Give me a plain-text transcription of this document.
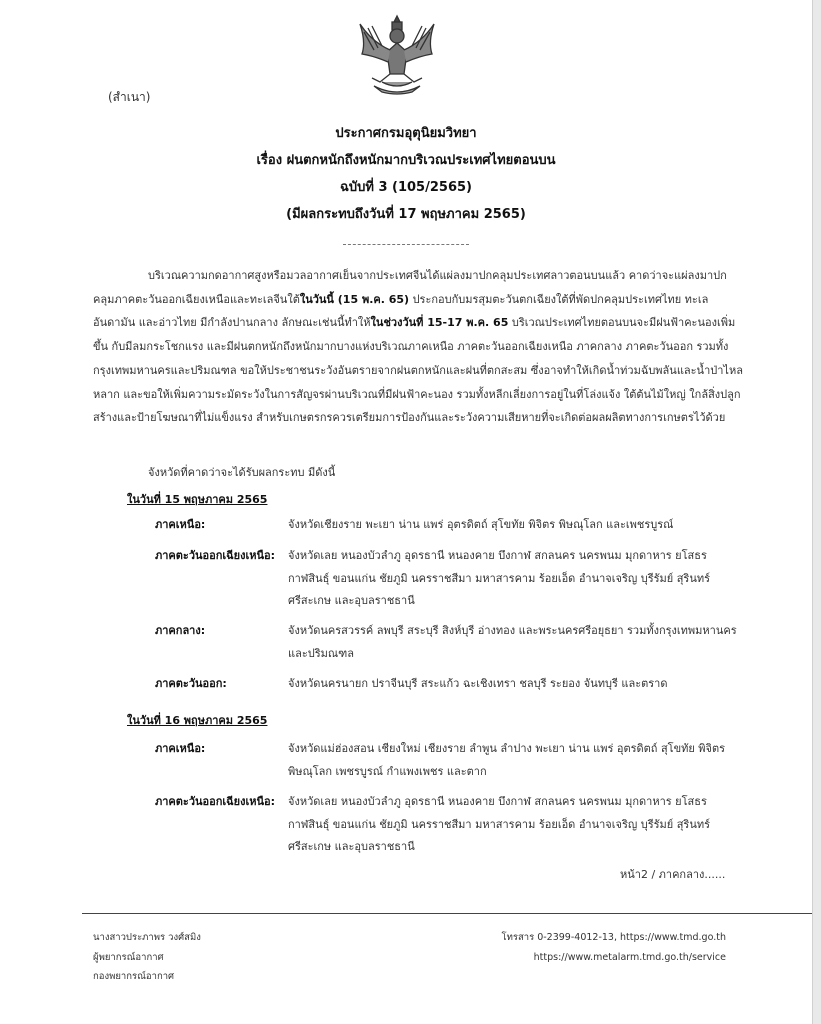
(สำเนา)
ประกาศกรมอุตุนิยมวิทยา
เรื่อง ฝนตกหนักถึงหนักมากบริเวณประเทศไทยตอนบน
ฉบับที่ 3 (105/2565)
(มีผลกระทบถึงวันที่ 17 พฤษภาคม 2565)
บริเวณความกดอากาศสูงหรือมวลอากาศเย็นจากประเทศจีนได้แผ่ลงมาปกคลุมประเทศลาวตอนบนแล้ว คาดว่าจะแผ่ลงมาปกคลุมภาคตะวันออกเฉียงเหนือและทะเลจีนใต้ในวันนี้ (15 พ.ค. 65) ประกอบกับมรสุมตะวันตกเฉียงใต้ที่พัดปกคลุมประเทศไทย ทะเลอันดามัน และอ่าวไทย มีกำลังปานกลาง ลักษณะเช่นนี้ทำให้ในช่วงวันที่ 15-17 พ.ค. 65 บริเวณประเทศไทยตอนบนจะมีฝนฟ้าคะนองเพิ่มขึ้น กับมีลมกระโชกแรง และมีฝนตกหนักถึงหนักมากบางแห่งบริเวณภาคเหนือ ภาคตะวันออกเฉียงเหนือ ภาคกลาง ภาคตะวันออก รวมทั้งกรุงเทพมหานครและปริมณฑล ขอให้ประชาชนระวังอันตรายจากฝนตกหนักและฝนที่ตกสะสม ซึ่งอาจทำให้เกิดน้ำท่วมฉับพลันและน้ำป่าไหลหลาก และขอให้เพิ่มความระมัดระวังในการสัญจรผ่านบริเวณที่มีฝนฟ้าคะนอง รวมทั้งหลีกเลี่ยงการอยู่ในที่โล่งแจ้ง ใต้ต้นไม้ใหญ่ ใกล้สิ่งปลูกสร้างและป้ายโฆษณาที่ไม่แข็งแรง สำหรับเกษตรกรควรเตรียมการป้องกันและระวังความเสียหายที่จะเกิดต่อผลผลิตทางการเกษตรไว้ด้วย
จังหวัดที่คาดว่าจะได้รับผลกระทบ มีดังนี้
ในวันที่ 15 พฤษภาคม 2565
ภาคเหนือ:	จังหวัดเชียงราย พะเยา น่าน แพร่ อุตรดิตถ์ สุโขทัย พิจิตร พิษณุโลก และเพชรบูรณ์
ภาคตะวันออกเฉียงเหนือ: จังหวัดเลย หนองบัวลำภู อุดรธานี หนองคาย บึงกาฬ สกลนคร นครพนม มุกดาหาร ยโสธร กาฬสินธุ์ ขอนแก่น ชัยภูมิ นครราชสีมา มหาสารคาม ร้อยเอ็ด อำนาจเจริญ บุรีรัมย์ สุรินทร์ ศรีสะเกษ และอุบลราชธานี
ภาคกลาง:	จังหวัดนครสวรรค์ ลพบุรี สระบุรี สิงห์บุรี อ่างทอง และพระนครศรีอยุธยา รวมทั้งกรุงเทพมหานครและปริมณฑล
ภาคตะวันออก:	จังหวัดนครนายก ปราจีนบุรี สระแก้ว ฉะเชิงเทรา ชลบุรี ระยอง จันทบุรี และตราด
ในวันที่ 16 พฤษภาคม 2565
ภาคเหนือ:	จังหวัดแม่ฮ่องสอน เชียงใหม่ เชียงราย ลำพูน ลำปาง พะเยา น่าน แพร่ อุตรดิตถ์ สุโขทัย พิจิตร พิษณุโลก เพชรบูรณ์ กำแพงเพชร และตาก
ภาคตะวันออกเฉียงเหนือ: จังหวัดเลย หนองบัวลำภู อุดรธานี หนองคาย บึงกาฬ สกลนคร นครพนม มุกดาหาร ยโสธร กาฬสินธุ์ ขอนแก่น ชัยภูมิ นครราชสีมา มหาสารคาม ร้อยเอ็ด อำนาจเจริญ บุรีรัมย์ สุรินทร์ ศรีสะเกษ และอุบลราชธานี
หน้า2 / ภาคกลาง......
นางสาวประภาพร วงศ์สมิง
ผู้พยากรณ์อากาศ
กองพยากรณ์อากาศ
โทรสาร 0-2399-4012-13, https://www.tmd.go.th
https://www.metalarm.tmd.go.th/service
